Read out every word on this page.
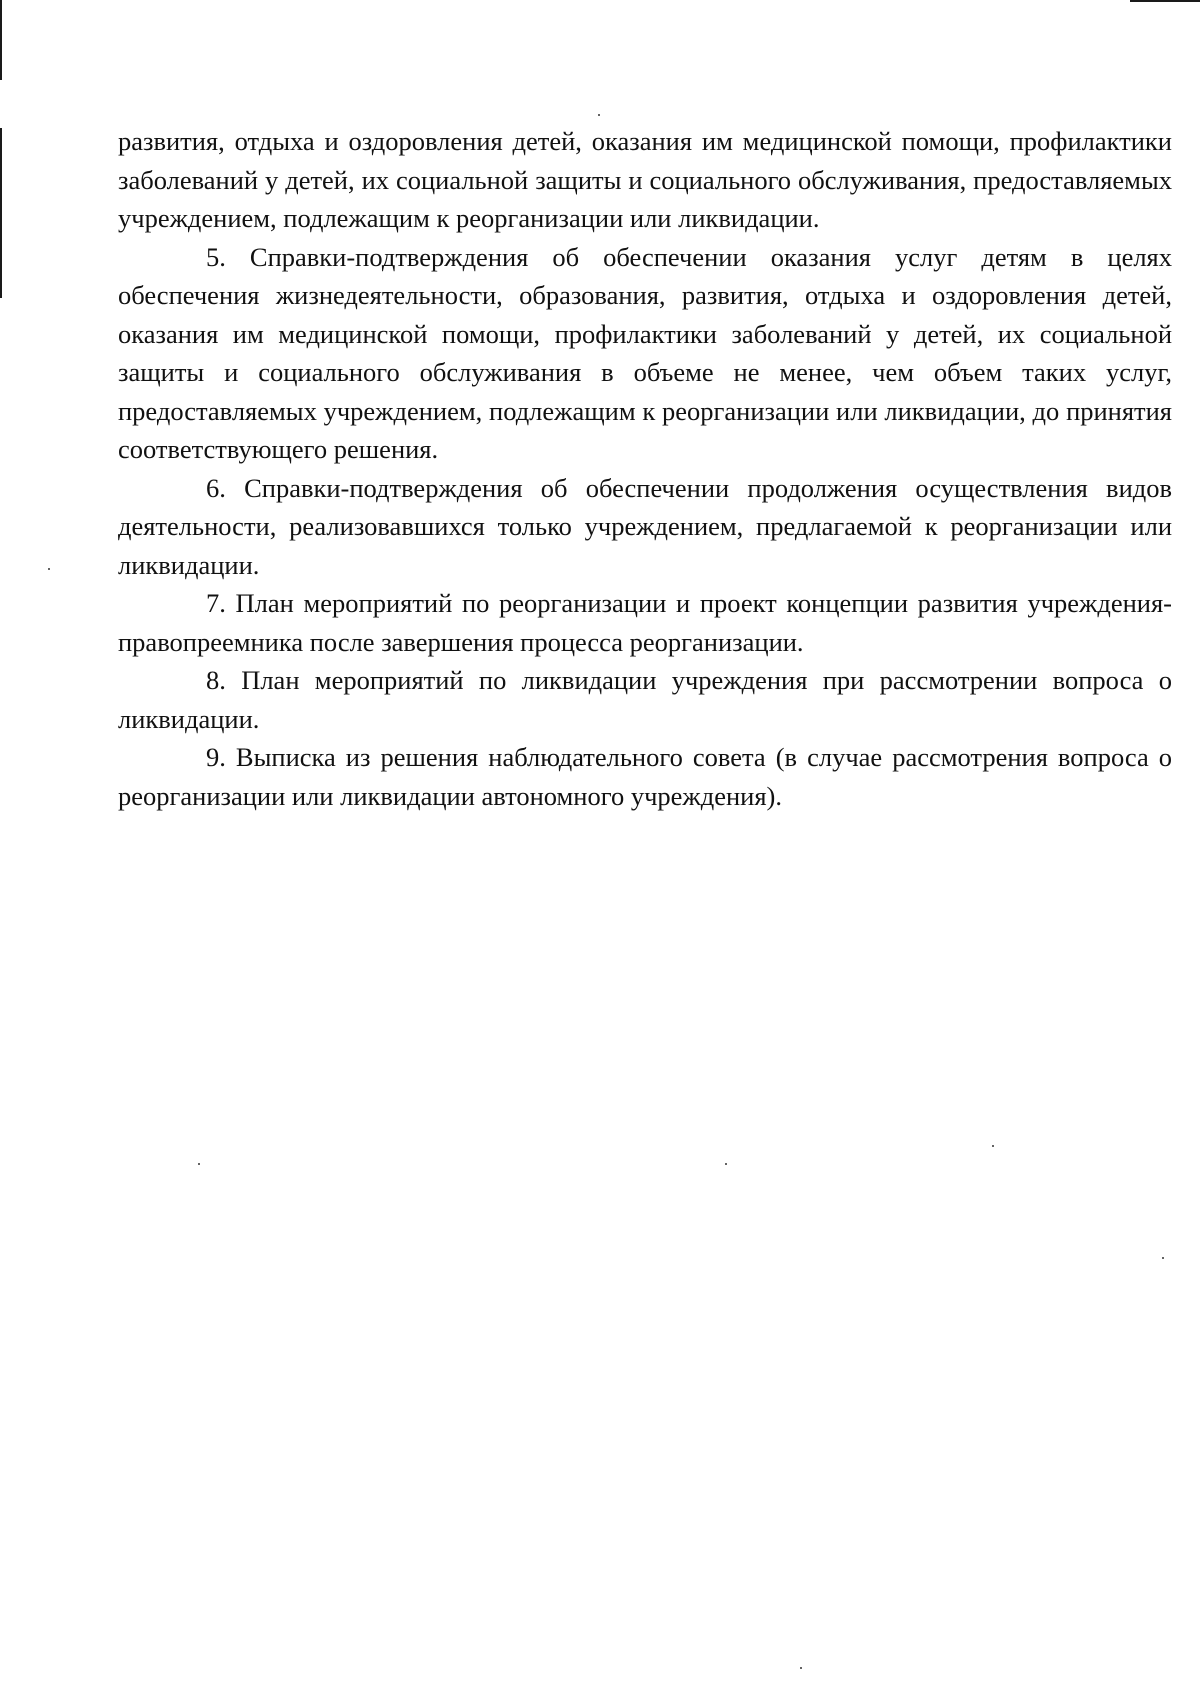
развития, отдыха и оздоровления детей, оказания им медицинской помощи, профилактики заболеваний у детей, их социальной защиты и социального обслуживания, предоставляемых учреждением, подлежащим к реорганизации или ликвидации.

5. Справки-подтверждения об обеспечении оказания услуг детям в целях обеспечения жизнедеятельности, образования, развития, отдыха и оздоровления детей, оказания им медицинской помощи, профилактики заболеваний у детей, их социальной защиты и социального обслуживания в объеме не менее, чем объем таких услуг, предоставляемых учреждением, подлежащим к реорганизации или ликвидации, до принятия соответствующего решения.

6. Справки-подтверждения об обеспечении продолжения осуществления видов деятельности, реализовавшихся только учреждением, предлагаемой к реорганизации или ликвидации.

7. План мероприятий по реорганизации и проект концепции развития учреждения-правопреемника после завершения процесса реорганизации.

8. План мероприятий по ликвидации учреждения при рассмотрении вопроса о ликвидации.

9. Выписка из решения наблюдательного совета (в случае рассмотрения вопроса о реорганизации или ликвидации автономного учреждения).
